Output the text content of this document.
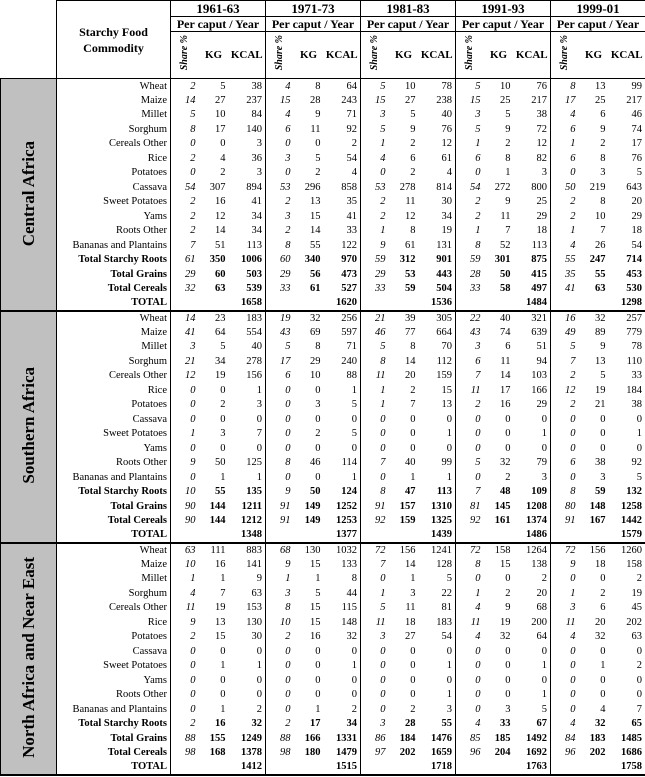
	Starchy Food Commodity	1961-63			1971-73			1981-83			1991-93			1999-01		
		Per caput / Year			Per caput / Year			Per caput / Year			Per caput / Year			Per caput / Year		
		Share %	KG	KCAL	Share %	KG	KCAL	Share %	KG	KCAL	Share %	KG	KCAL	Share %	KG	KCAL
Central Africa	Wheat	2	5	38	4	8	64	5	10	78	5	10	76	8	13	99
	Maize	14	27	237	15	28	243	15	27	238	15	25	217	17	25	217
	Millet	5	10	84	4	9	71	3	5	40	3	5	38	4	6	46
	Sorghum	8	17	140	6	11	92	5	9	76	5	9	72	6	9	74
	Cereals Other	0	0	3	0	0	2	1	2	12	1	2	12	1	2	17
	Rice	2	4	36	3	5	54	4	6	61	6	8	82	6	8	76
	Potatoes	0	2	3	0	2	4	0	2	4	0	1	3	0	3	5
	Cassava	54	307	894	53	296	858	53	278	814	54	272	800	50	219	643
	Sweet Potatoes	2	16	41	2	13	35	2	11	30	2	9	25	2	8	20
	Yams	2	12	34	3	15	41	2	12	34	2	11	29	2	10	29
	Roots Other	2	14	34	2	14	33	1	8	19	1	7	18	1	7	18
	Bananas and Plantains	7	51	113	8	55	122	9	61	131	8	52	113	4	26	54
	Total Starchy Roots	61	350	1006	60	340	970	59	312	901	59	301	875	55	247	714
	Total Grains	29	60	503	29	56	473	29	53	443	28	50	415	35	55	453
	Total Cereals	32	63	539	33	61	527	33	59	504	33	58	497	41	63	530
	TOTAL			1658			1620			1536			1484			1298
Southern Africa	Wheat	14	23	183	19	32	256	21	39	305	22	40	321	16	32	257
	Maize	41	64	554	43	69	597	46	77	664	43	74	639	49	89	779
	Millet	3	5	40	5	8	71	5	8	70	3	6	51	5	9	78
	Sorghum	21	34	278	17	29	240	8	14	112	6	11	94	7	13	110
	Cereals Other	12	19	156	6	10	88	11	20	159	7	14	103	2	5	33
	Rice	0	0	1	0	0	1	1	2	15	11	17	166	12	19	184
	Potatoes	0	2	3	0	3	5	1	7	13	2	16	29	2	21	38
	Cassava	0	0	0	0	0	0	0	0	0	0	0	0	0	0	0
	Sweet Potatoes	1	3	7	0	2	5	0	0	1	0	0	1	0	0	1
	Yams	0	0	0	0	0	0	0	0	0	0	0	0	0	0	0
	Roots Other	9	50	125	8	46	114	7	40	99	5	32	79	6	38	92
	Bananas and Plantains	0	1	1	0	0	1	0	1	1	0	2	3	0	3	5
	Total Starchy Roots	10	55	135	9	50	124	8	47	113	7	48	109	8	59	132
	Total Grains	90	144	1211	91	149	1252	91	157	1310	81	145	1208	80	148	1258
	Total Cereals	90	144	1212	91	149	1253	92	159	1325	92	161	1374	91	167	1442
	TOTAL			1348			1377			1439			1486			1579
North Africa and Near East	Wheat	63	111	883	68	130	1032	72	156	1241	72	158	1264	72	156	1260
	Maize	10	16	141	9	15	133	7	14	128	8	15	138	9	18	158
	Millet	1	1	9	1	1	8	0	1	5	0	0	2	0	0	2
	Sorghum	4	7	63	3	5	44	1	3	22	1	2	20	1	2	19
	Cereals Other	11	19	153	8	15	115	5	11	81	4	9	68	3	6	45
	Rice	9	13	130	10	15	148	11	18	183	11	19	200	11	20	202
	Potatoes	2	15	30	2	16	32	3	27	54	4	32	64	4	32	63
	Cassava	0	0	0	0	0	0	0	0	0	0	0	0	0	0	0
	Sweet Potatoes	0	1	1	0	0	1	0	0	1	0	0	1	0	1	2
	Yams	0	0	0	0	0	0	0	0	0	0	0	0	0	0	0
	Roots Other	0	0	0	0	0	0	0	0	1	0	0	1	0	0	0
	Bananas and Plantains	0	1	2	0	1	2	0	2	3	0	3	5	0	4	7
	Total Starchy Roots	2	16	32	2	17	34	3	28	55	4	33	67	4	32	65
	Total Grains	88	155	1249	88	166	1331	86	184	1476	85	185	1492	84	183	1485
	Total Cereals	98	168	1378	98	180	1479	97	202	1659	96	204	1692	96	202	1686
	TOTAL			1412			1515			1718			1763			1758
